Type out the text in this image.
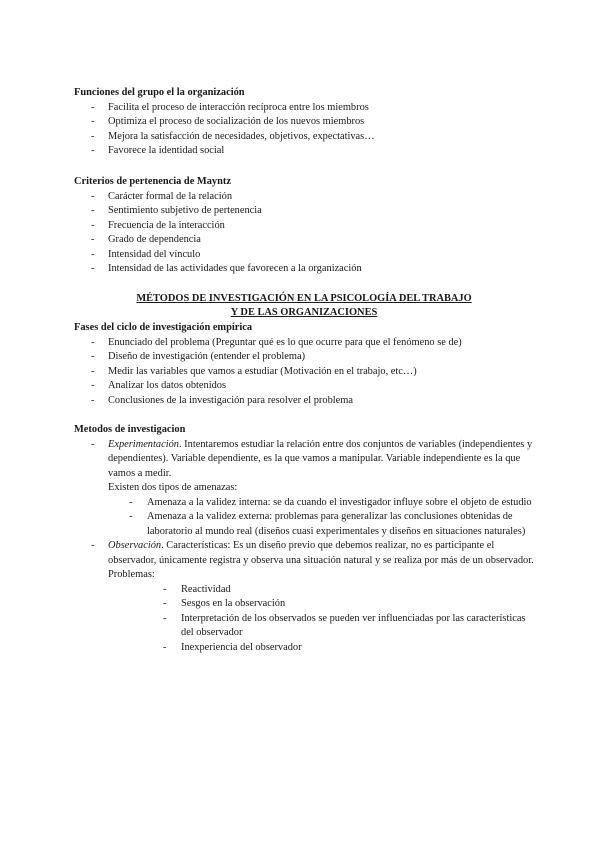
Funciones del grupo el la organización
- Facilita el proceso de interacción recíproca entre los miembros
- Optimiza el proceso de socialización de los nuevos miembros
- Mejora la satisfacción de necesidades, objetivos, expectativas…
- Favorece la identidad social
Criterios de pertenencia de Mayntz
- Carácter formal de la relación
- Sentimiento subjetivo de pertenencia
- Frecuencia de la interacción
- Grado de dependencia
- Intensidad del vínculo
- Intensidad de las actividades que favorecen a la organización
MÉTODOS DE INVESTIGACIÓN EN LA PSICOLOGÍA DEL TRABAJO
Y DE LAS ORGANIZACIONES
Fases del ciclo de investigación empírica
- Enunciado del problema (Preguntar qué es lo que ocurre para que el fenómeno se de)
- Diseño de investigación (entender el problema)
- Medir las variables que vamos a estudiar (Motivación en el trabajo, etc…)
- Analizar los datos obtenidos
- Conclusiones de la investigación para resolver el problema
Metodos de investigacion
- Experimentación. Intentaremos estudiar la relación entre dos conjuntos de variables (independientes y dependientes). Variable dependiente, es la que vamos a manipular. Variable independiente es la que vamos a medir.
Existen dos tipos de amenazas:
- Amenaza a la validez interna: se da cuando el investigador influye sobre el objeto de estudio
- Amenaza a la validez externa: problemas para generalizar las conclusiones obtenidas de laboratorio al mundo real (diseños cuasi experimentales y diseños en situaciones naturales)
- Observación. Características: Es un diseño previo que debemos realizar, no es participante el observador, únicamente registra y observa una situación natural y se realiza por más de un observador.
Problemas:
- Reactividad
- Sesgos en la observación
- Interpretación de los observados se pueden ver influenciadas por las características del observador
- Inexperiencia del observador
